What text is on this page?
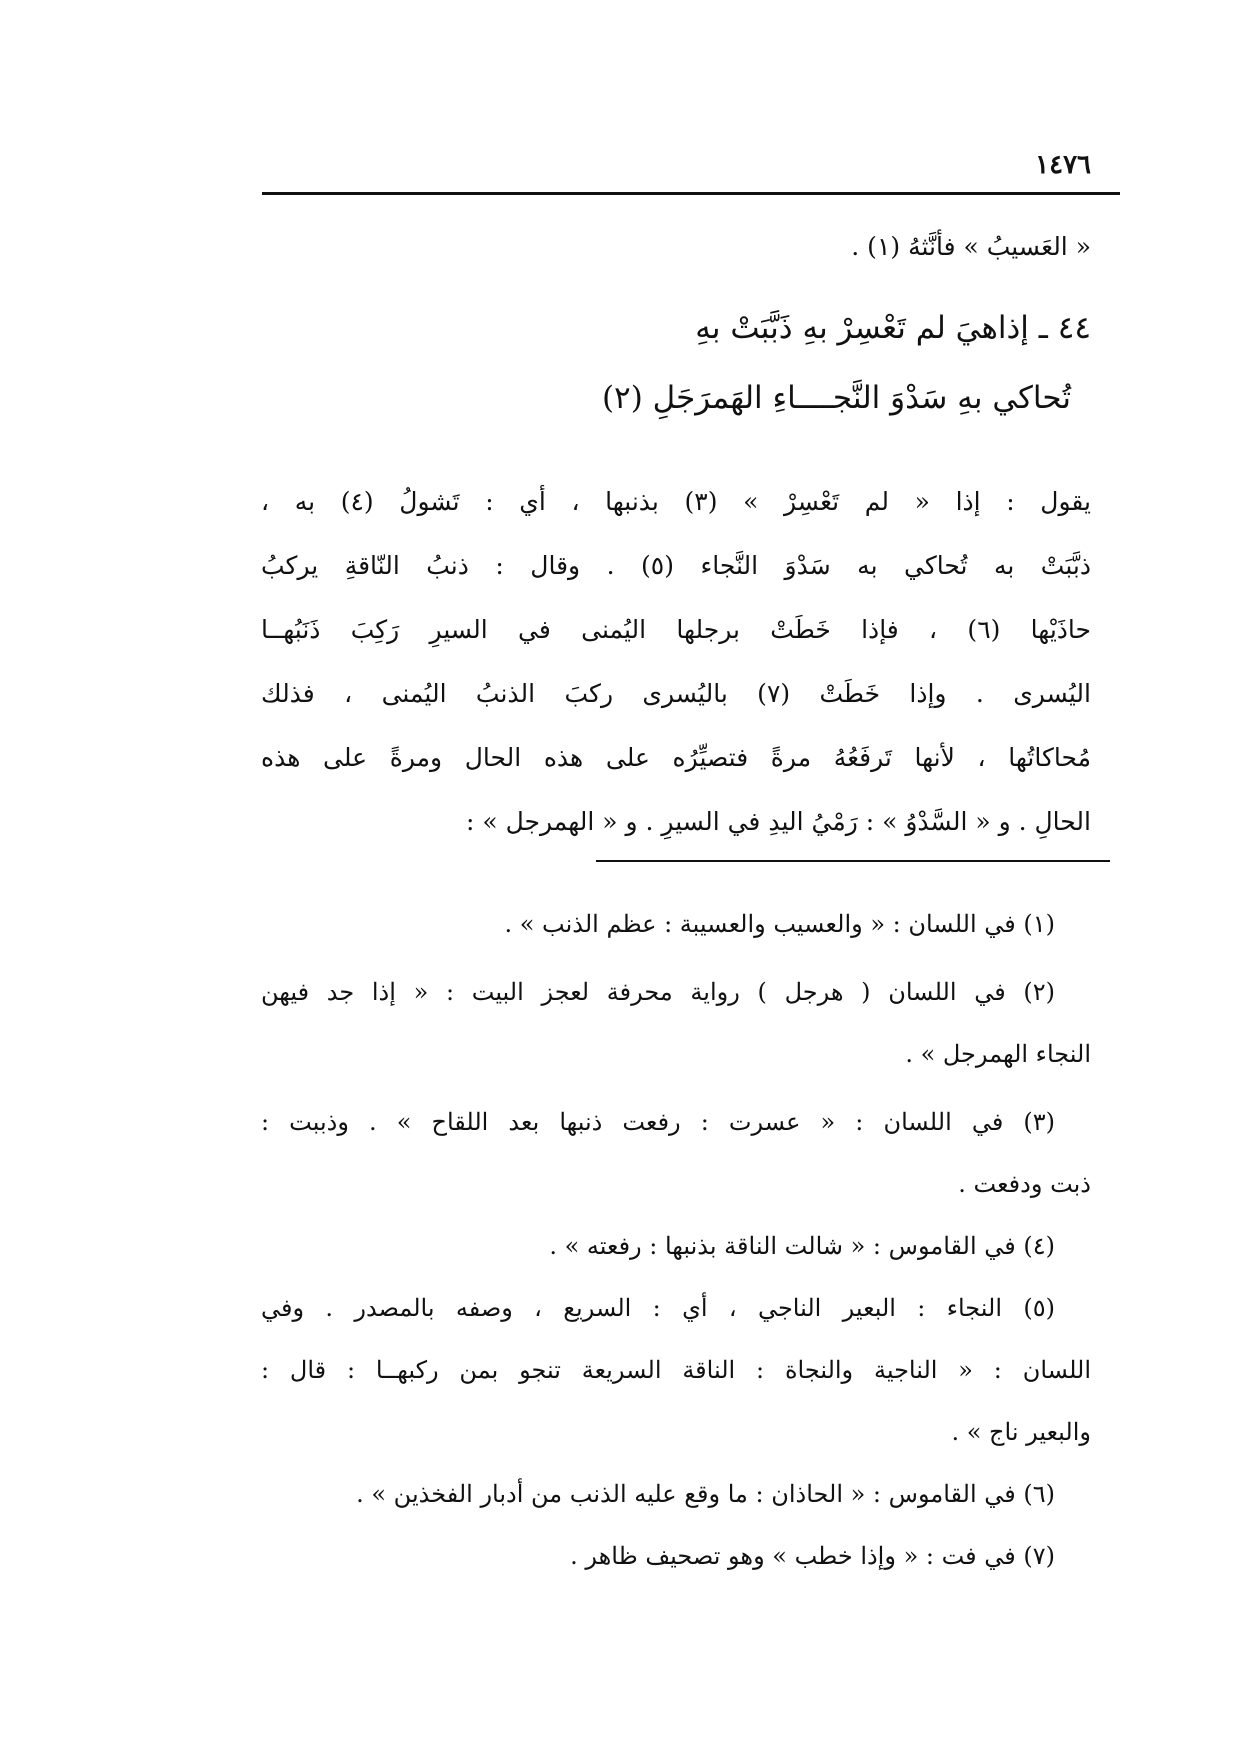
١٤٧٦
« العَسيبُ » فأنَّثهُ (١) .
٤٤ ـ إذاهيَ لم تَعْسِرْ بهِ ذَبَّبَتْ بهِ
تُحاكي بهِ سَدْوَ النَّجــــاءِ الهَمرَجَلِ (٢)
يقول : إذا « لم تَعْسِرْ » (٣) بذنبها ، أي : تَشولُ (٤) به ،
ذبَّبَتْ به تُحاكي به سَدْوَ النَّجاء (٥) . وقال : ذنبُ النّاقةِ يركبُ
حاذَيْها (٦) ، فإذا خَطَتْ برجلها اليُمنى في السيرِ رَكِبَ ذَنَبُهــا
اليُسرى . وإذا خَطَتْ (٧) باليُسرى ركبَ الذنبُ اليُمنى ، فذلك
مُحاكاتُها ، لأنها تَرفَعُهُ مرةً فتصيِّرُه على هذه الحال ومرةً على هذه
الحالِ . و « السَّدْوُ » : رَمْيُ اليدِ في السيرِ . و « الهمرجل » :
(١) في اللسان : « والعسيب والعسيبة : عظم الذنب » .
(٢) في اللسان ( هرجل ) رواية محرفة لعجز البيت : « إذا جد فيهن
النجاء الهمرجل » .
(٣) في اللسان : « عسرت : رفعت ذنبها بعد اللقاح » . وذببت :
ذبت ودفعت .
(٤) في القاموس : « شالت الناقة بذنبها : رفعته » .
(٥) النجاء : البعير الناجي ، أي : السريع ، وصفه بالمصدر . وفي
اللسان : « الناجية والنجاة : الناقة السريعة تنجو بمن ركبهــا : قال :
والبعير ناج » .
(٦) في القاموس : « الحاذان : ما وقع عليه الذنب من أدبار الفخذين » .
(٧) في فت : « وإذا خطب » وهو تصحيف ظاهر .
